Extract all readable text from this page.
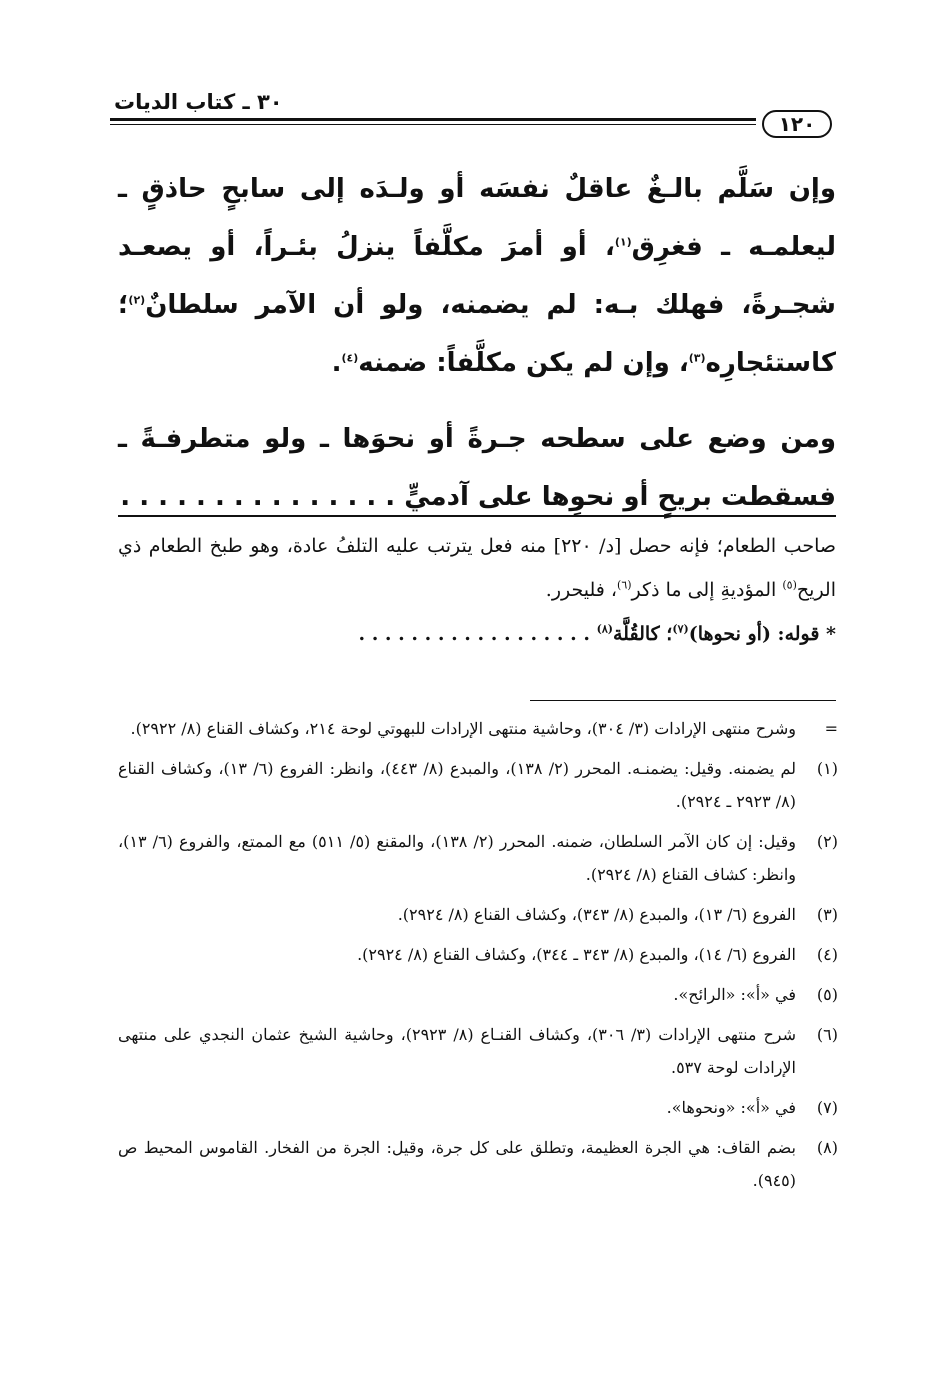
٣٠ ـ كتاب الديات
١٢٠

وإن سَلَّم بالـغٌ عاقلٌ نفسَه أو ولـدَه إلى سابحٍ حاذقٍ ـ ليعلمـه ـ فغرِق$^{(١)}$، أو أمرَ مكلَّفاً ينزلُ بئـراً، أو يصعـد شجـرةً، فهلك بـه: لم يضمنه، ولو أن الآمر سلطانٌ$^{(٢)}$؛ كاستئجارِه$^{(٣)}$، وإن لم يكن مكلَّفاً: ضمنه$^{(٤)}$.

ومن وضع على سطحه جـرةً أو نحوَها ـ ولو متطرفـةً ـ فسقطت بريحٍ أو نحوِها على آدميٍّ . . . . . . . . . . . . . . .

صاحب الطعام؛ فإنه حصل [د/ ٢٢٠] منه فعل يترتب عليه التلفُ عادة، وهو طبخ الطعام ذي الريح$^{(٥)}$ المؤديةِ إلى ما ذكر$^{(٦)}$، فليحرر.

* قوله: (أو نحوها)$^{(٧)}$؛ كالقُلَّة$^{(٨)}$ . . . . . . . . . . . . . . . . . .

=
وشرح منتهى الإرادات (٣/ ٣٠٤)، وحاشية منتهى الإرادات للبهوتي لوحة ٢١٤، وكشاف القناع (٨/ ٢٩٢٢).
(١)
لم يضمنه. وقيل: يضمنـه. المحرر (٢/ ١٣٨)، والمبدع (٨/ ٤٤٣)، وانظر: الفروع (٦/ ١٣)، وكشاف القناع (٨/ ٢٩٢٣ ـ ٢٩٢٤).
(٢)
وقيل: إن كان الآمر السلطان، ضمنه. المحرر (٢/ ١٣٨)، والمقنع (٥/ ٥١١) مع الممتع، والفروع (٦/ ١٣)، وانظر: كشاف القناع (٨/ ٢٩٢٤).
(٣)
الفروع (٦/ ١٣)، والمبدع (٨/ ٣٤٣)، وكشاف القناع (٨/ ٢٩٢٤).
(٤)
الفروع (٦/ ١٤)، والمبدع (٨/ ٣٤٣ ـ ٣٤٤)، وكشاف القناع (٨/ ٢٩٢٤).
(٥)
في «أ»: «الرائح».
(٦)
شرح منتهى الإرادات (٣/ ٣٠٦)، وكشاف القنـاع (٨/ ٢٩٢٣)، وحاشية الشيخ عثمان النجدي على منتهى الإرادات لوحة ٥٣٧.
(٧)
في «أ»: «ونحوها».
(٨)
بضم القاف: هي الجرة العظيمة، وتطلق على كل جرة، وقيل: الجرة من الفخار. القاموس المحيط ص (٩٤٥).
